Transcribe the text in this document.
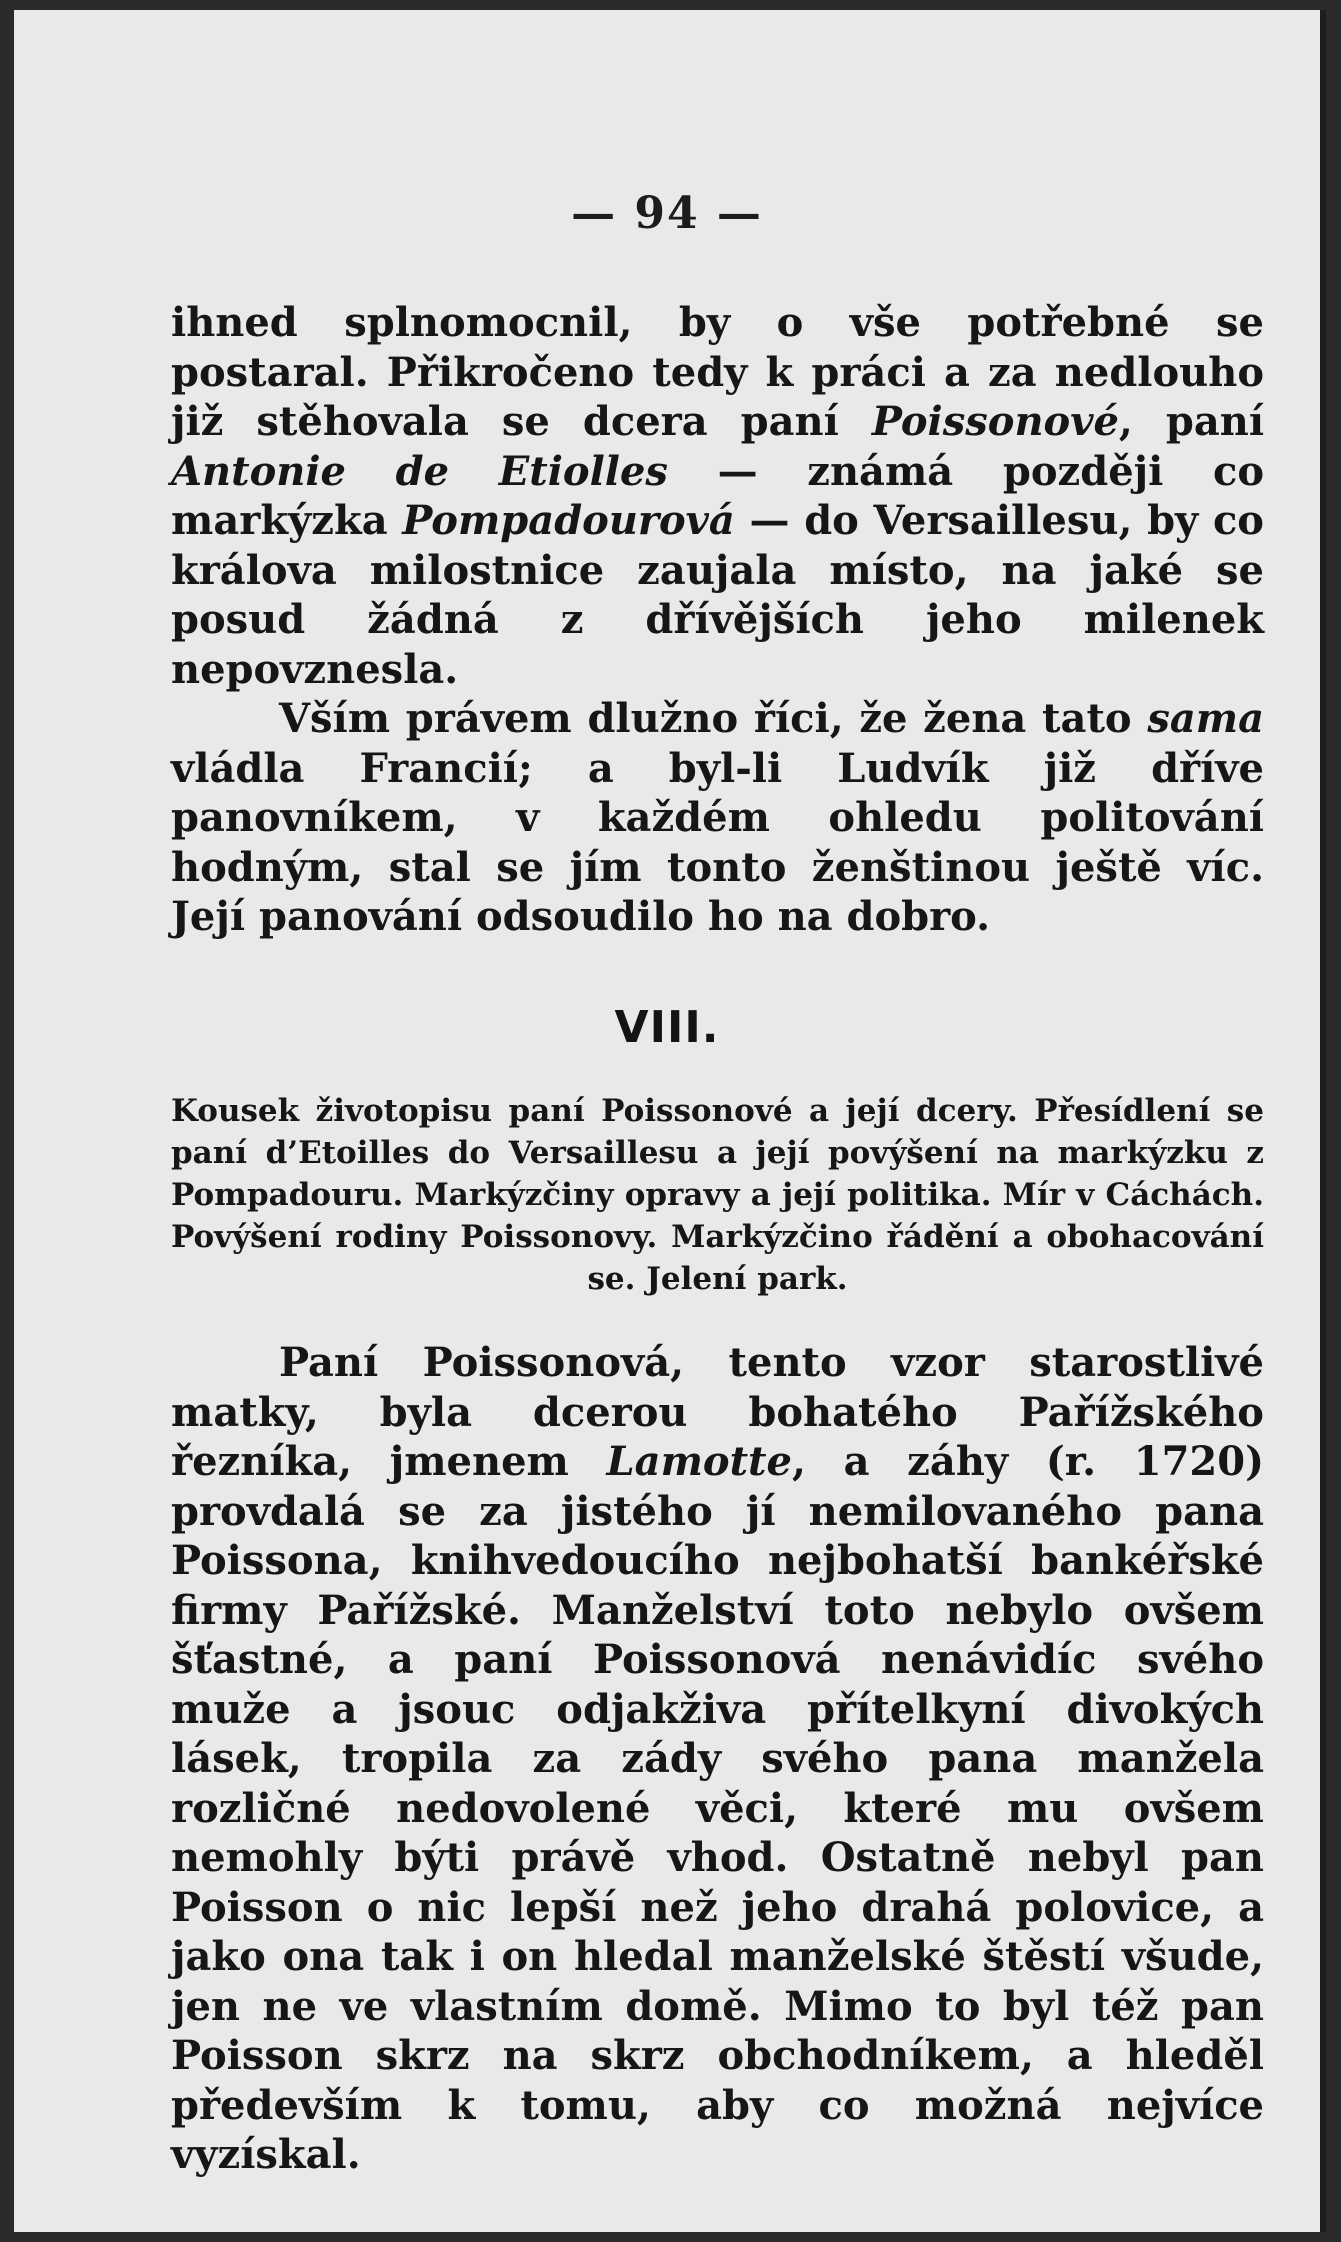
— 94 —

ihned splnomocnil, by o vše potřebné se postaral. Přikročeno tedy k práci a za nedlouho již stěhovala se dcera paní Poissonové, paní Antonie de Etiolles — známá později co markýzka Pompadourová — do Versaillesu, by co králova milostnice zaujala místo, na jaké se posud žádná z dřívějších jeho milenek nepovznesla.

Vším právem dlužno říci, že žena tato sama vládla Francií; a byl-li Ludvík již dříve panovníkem, v každém ohledu politování hodným, stal se jím tonto ženštinou ještě víc. Její panování odsoudilo ho na dobro.

VIII.

Kousek životopisu paní Poissonové a její dcery. Přesídlení se paní d’Etoilles do Versaillesu a její povýšení na markýzku z Pompadouru. Markýzčiny opravy a její politika. Mír v Cáchách. Povýšení rodiny Poissonovy. Markýzčino řádění a obohacování se. Jelení park.

Paní Poissonová, tento vzor starostlivé matky, byla dcerou bohatého Pařížského řezníka, jmenem Lamotte, a záhy (r. 1720) provdalá se za jistého jí nemilovaného pana Poissona, knihvedoucího nejbohatší bankéřské firmy Pařížské. Manželství toto nebylo ovšem šťastné, a paní Poissonová nenávidíc svého muže a jsouc odjakživa přítelkyní divokých lásek, tropila za zády svého pana manžela rozličné nedovolené věci, které mu ovšem nemohly býti právě vhod. Ostatně nebyl pan Poisson o nic lepší než jeho drahá polovice, a jako ona tak i on hledal manželské štěstí všude, jen ne ve vlastním domě. Mimo to byl též pan Poisson skrz na skrz obchodníkem, a hleděl především k tomu, aby co možná nejvíce vyzískal.
